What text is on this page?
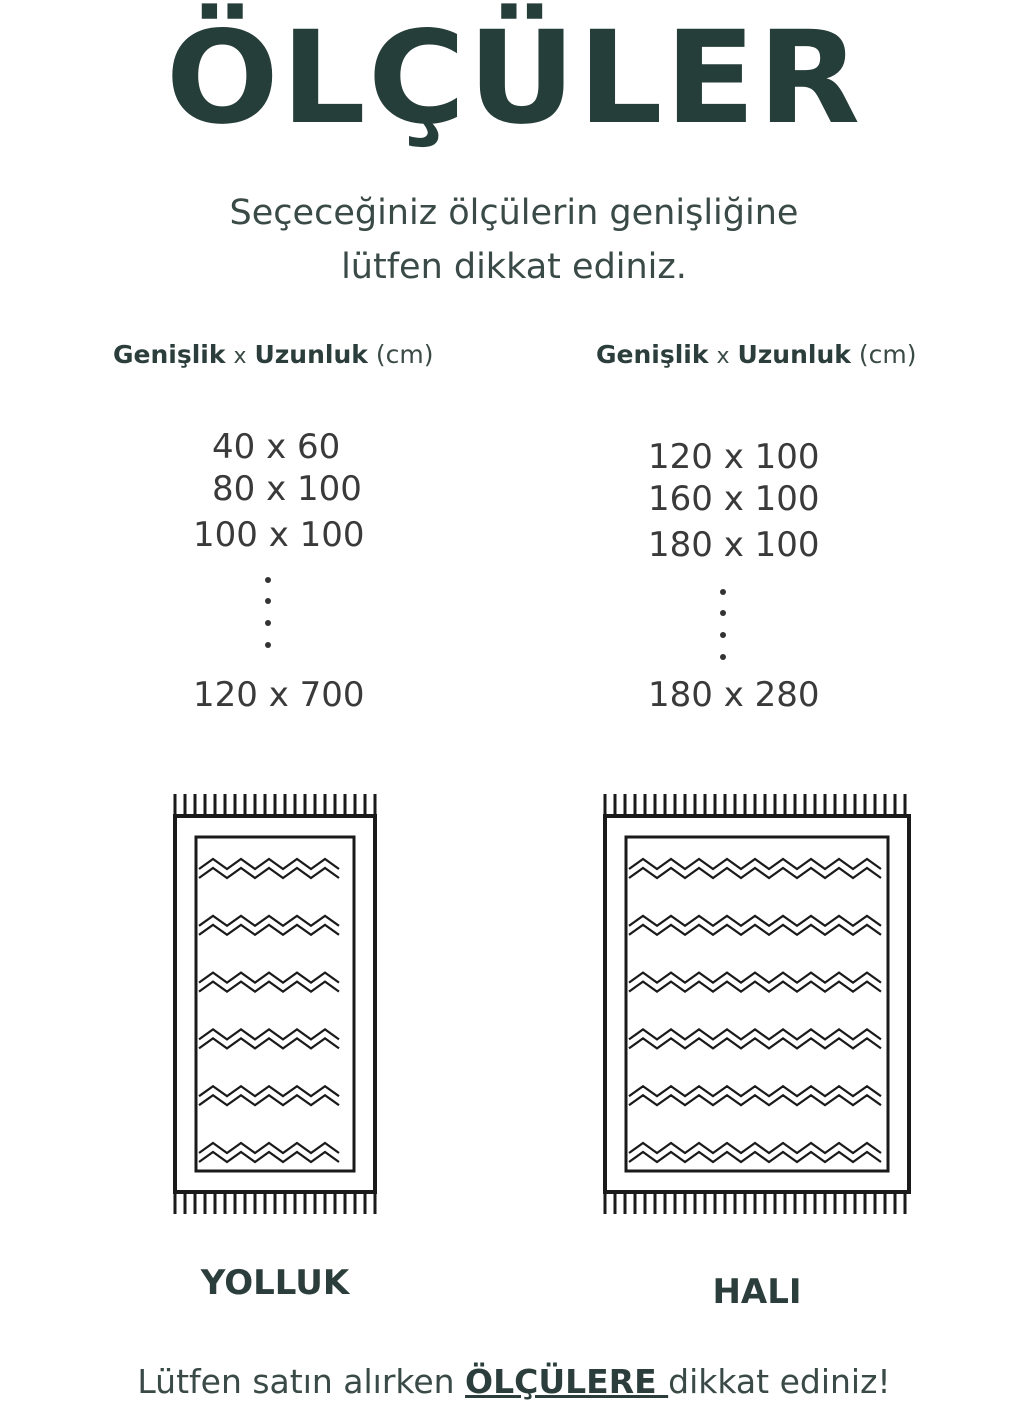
ÖLÇÜLER
Seçeceğiniz ölçülerin genişliğine
lütfen dikkat ediniz.
Genişlik x Uzunluk (cm)	Genişlik x Uzunluk (cm)
40 x 60
80 x 100
100 x 100
120 x 700
120 x 100
160 x 100
180 x 100
180 x 280
YOLLUK	HALI
Lütfen satın alırken ÖLÇÜLERE dikkat ediniz!
